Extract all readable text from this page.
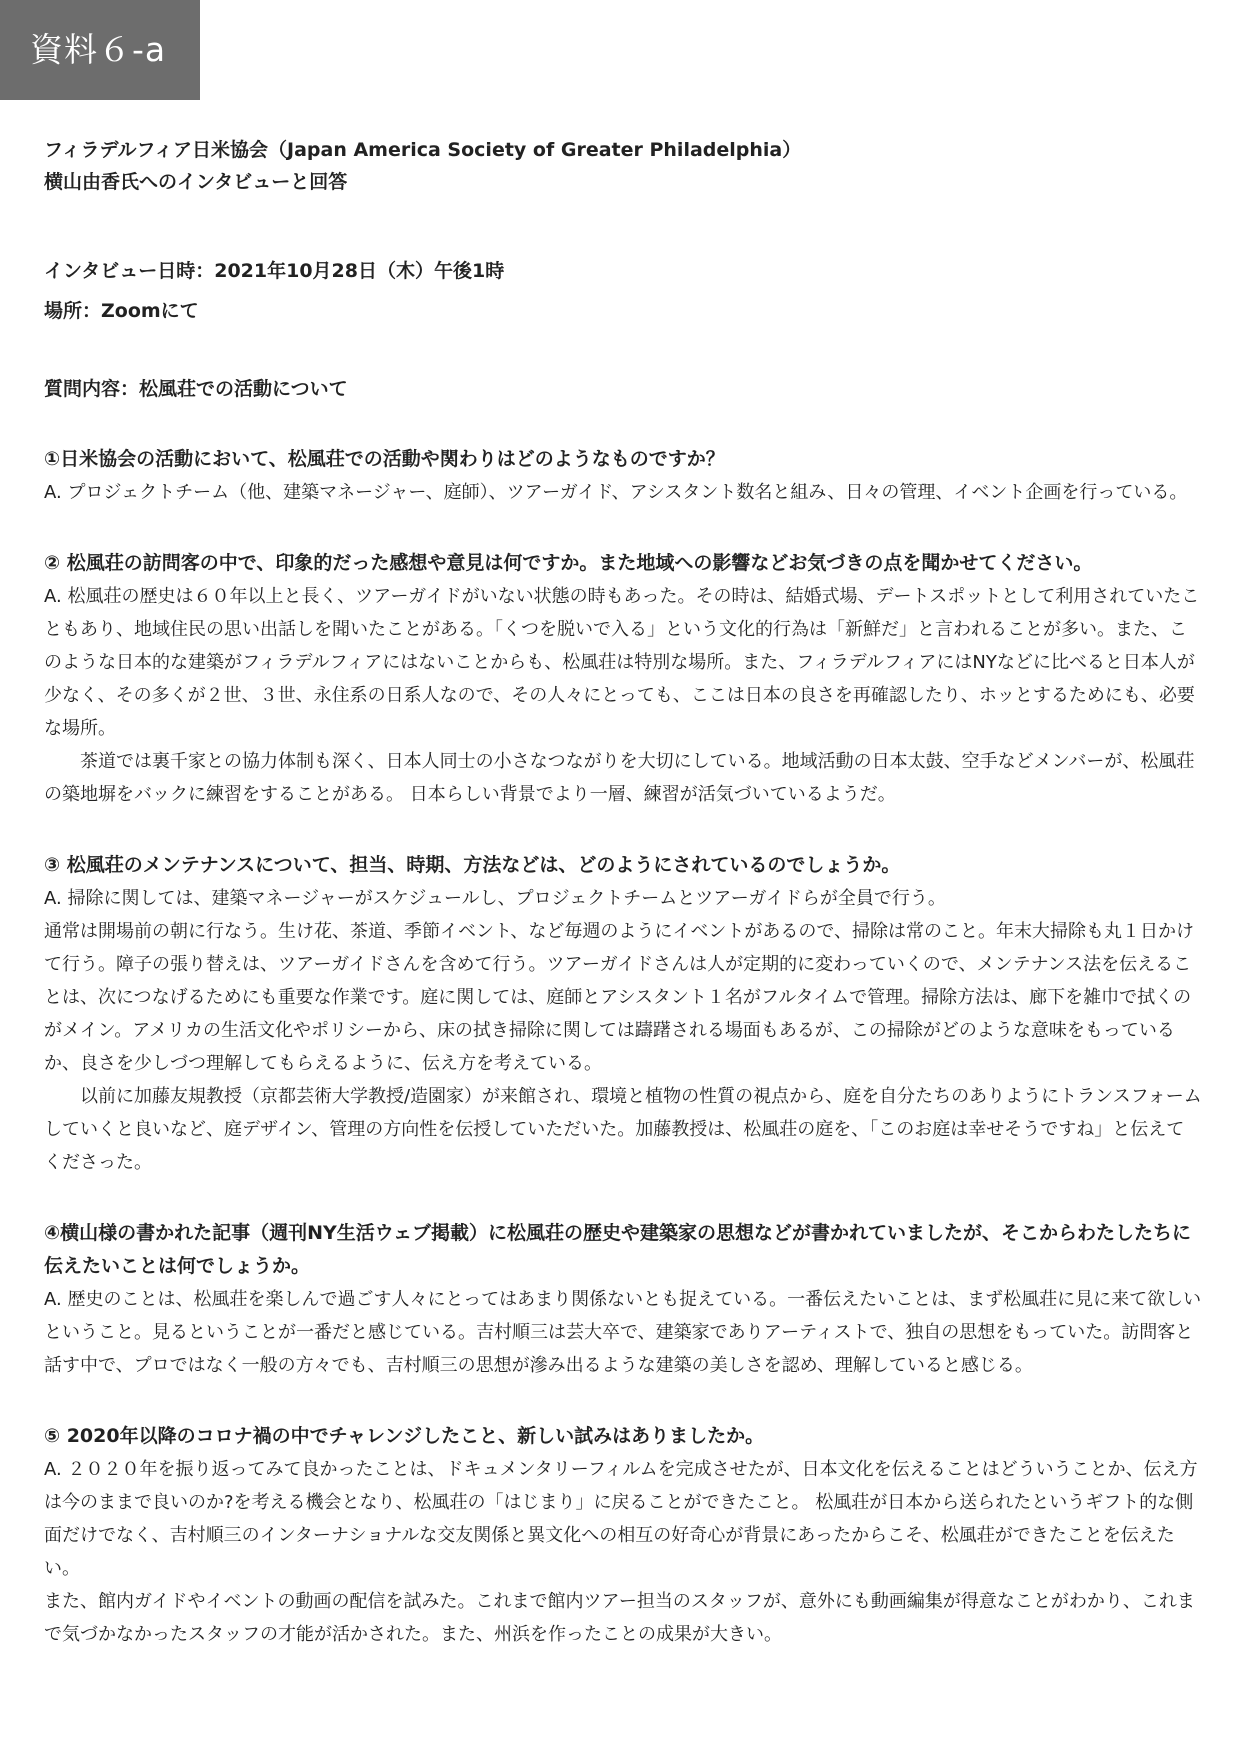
資料６-a
フィラデルフィア日米協会（Japan America Society of Greater Philadelphia）
横山由香氏へのインタビューと回答
インタビュー日時：2021年10月28日（木）午後1時
場所：Zoomにて
質問内容：松風荘での活動について

①日米協会の活動において、松風荘での活動や関わりはどのようなものですか？

A. プロジェクトチーム（他、建築マネージャー、庭師）、ツアーガイド、アシスタント数名と組み、日々の管理、イベント企画を行っている。

② 松風荘の訪問客の中で、印象的だった感想や意見は何ですか。また地域への影響などお気づきの点を聞かせてください。

A. 松風荘の歴史は６０年以上と長く、ツアーガイドがいない状態の時もあった。その時は、結婚式場、デートスポットとして利用されていたこともあり、地域住民の思い出話しを聞いたことがある。「くつを脱いで入る」という文化的行為は「新鮮だ」と言われることが多い。また、このような日本的な建築がフィラデルフィアにはないことからも、松風荘は特別な場所。また、フィラデルフィアにはNYなどに比べると日本人が少なく、その多くが２世、３世、永住系の日系人なので、その人々にとっても、ここは日本の良さを再確認したり、ホッとするためにも、必要な場所。

茶道では裏千家との協力体制も深く、日本人同士の小さなつながりを大切にしている。地域活動の日本太鼓、空手などメンバーが、松風荘の築地塀をバックに練習をすることがある。 日本らしい背景でより一層、練習が活気づいているようだ。

③ 松風荘のメンテナンスについて、担当、時期、方法などは、どのようにされているのでしょうか。

A. 掃除に関しては、建築マネージャーがスケジュールし、プロジェクトチームとツアーガイドらが全員で行う。

通常は開場前の朝に行なう。生け花、茶道、季節イベント、など毎週のようにイベントがあるので、掃除は常のこと。年末大掃除も丸１日かけて行う。障子の張り替えは、ツアーガイドさんを含めて行う。ツアーガイドさんは人が定期的に変わっていくので、メンテナンス法を伝えることは、次につなげるためにも重要な作業です。庭に関しては、庭師とアシスタント１名がフルタイムで管理。掃除方法は、廊下を雑巾で拭くのがメイン。アメリカの生活文化やポリシーから、床の拭き掃除に関しては躊躇される場面もあるが、この掃除がどのような意味をもっているか、良さを少しづつ理解してもらえるように、伝え方を考えている。

以前に加藤友規教授（京都芸術大学教授/造園家）が来館され、環境と植物の性質の視点から、庭を自分たちのありようにトランスフォームしていくと良いなど、庭デザイン、管理の方向性を伝授していただいた。加藤教授は、松風荘の庭を、「このお庭は幸せそうですね」と伝えてくださった。

④横山様の書かれた記事（週刊NY生活ウェブ掲載）に松風荘の歴史や建築家の思想などが書かれていましたが、そこからわたしたちに伝えたいことは何でしょうか。

A. 歴史のことは、松風荘を楽しんで過ごす人々にとってはあまり関係ないとも捉えている。一番伝えたいことは、まず松風荘に見に来て欲しいということ。見るということが一番だと感じている。吉村順三は芸大卒で、建築家でありアーティストで、独自の思想をもっていた。訪問客と話す中で、プロではなく一般の方々でも、吉村順三の思想が滲み出るような建築の美しさを認め、理解していると感じる。

⑤ 2020年以降のコロナ禍の中でチャレンジしたこと、新しい試みはありましたか。

A. ２０２０年を振り返ってみて良かったことは、ドキュメンタリーフィルムを完成させたが、日本文化を伝えることはどういうことか、伝え方は今のままで良いのか?を考える機会となり、松風荘の「はじまり」に戻ることができたこと。 松風荘が日本から送られたというギフト的な側面だけでなく、吉村順三のインターナショナルな交友関係と異文化への相互の好奇心が背景にあったからこそ、松風荘ができたことを伝えたい。

また、館内ガイドやイベントの動画の配信を試みた。これまで館内ツアー担当のスタッフが、意外にも動画編集が得意なことがわかり、これまで気づかなかったスタッフの才能が活かされた。また、州浜を作ったことの成果が大きい。
